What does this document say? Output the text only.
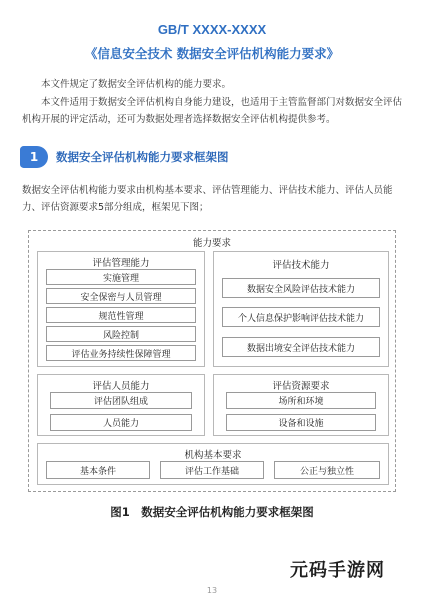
GB/T XXXX-XXXX
《信息安全技术 数据安全评估机构能力要求》

本文件规定了数据安全评估机构的能力要求。

本文件适用于数据安全评估机构自身能力建设，也适用于主管监督部门对数据安全评估机构开展的评定活动，还可为数据处理者选择数据安全评估机构提供参考。

1	数据安全评估机构能力要求框架图

数据安全评估机构能力要求由机构基本要求、评估管理能力、评估技术能力、评估人员能力、评估资源要求5部分组成，框架见下图；

能力要求
评估管理能力
实施管理
安全保密与人员管理
规范性管理
风险控制
评估业务持续性保障管理
评估技术能力
数据安全风险评估技术能力
个人信息保护影响评估技术能力
数据出境安全评估技术能力
评估人员能力
评估团队组成
人员能力
评估资源要求
场所和环境
设备和设施
机构基本要求
基本条件	评估工作基础	公正与独立性
图1　数据安全评估机构能力要求框架图
13
元码手游网
